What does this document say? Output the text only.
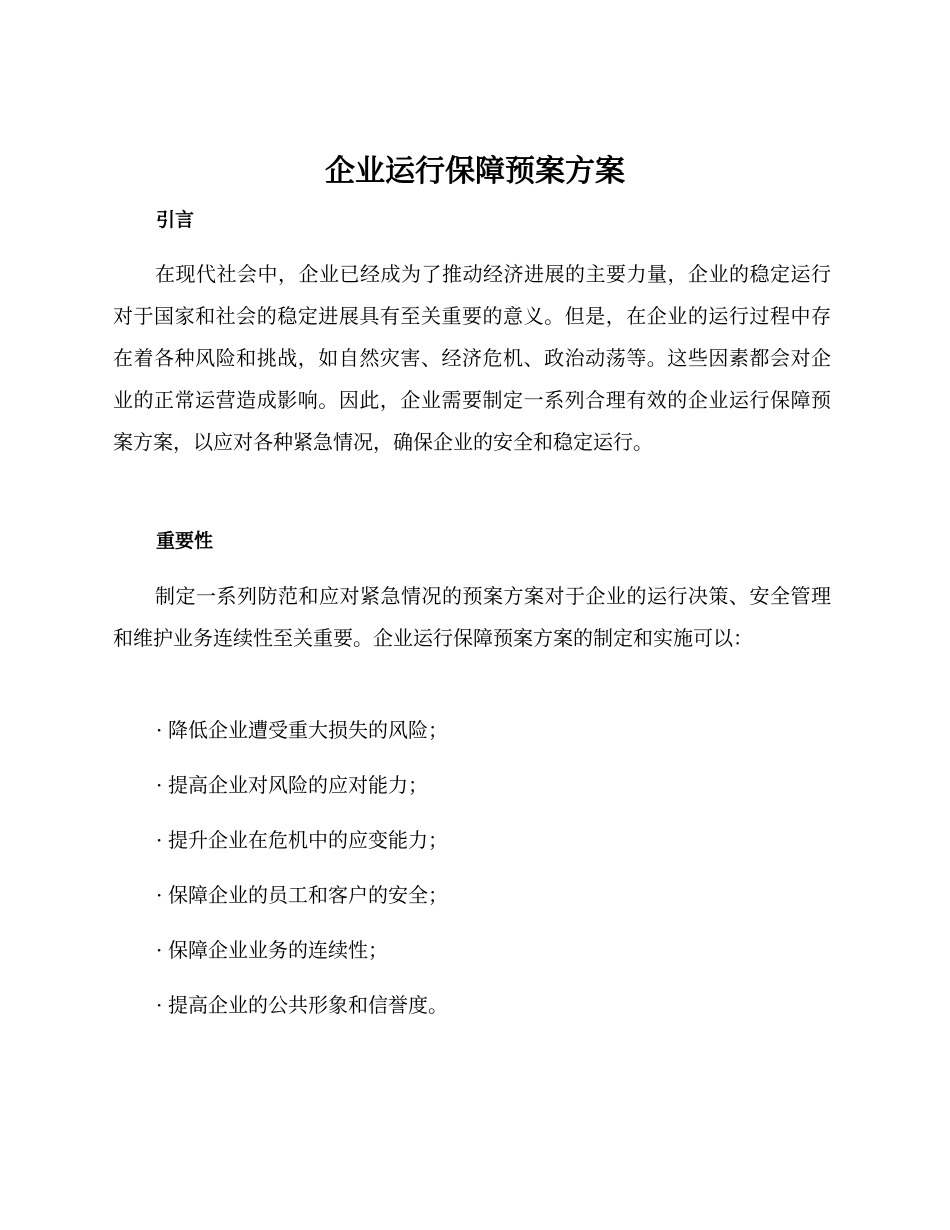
企业运行保障预案方案
引言

在现代社会中，企业已经成为了推动经济进展的主要力量，企业的稳定运行对于国家和社会的稳定进展具有至关重要的意义。但是，在企业的运行过程中存在着各种风险和挑战，如自然灾害、经济危机、政治动荡等。这些因素都会对企业的正常运营造成影响。因此，企业需要制定一系列合理有效的企业运行保障预案方案，以应对各种紧急情况，确保企业的安全和稳定运行。

重要性

制定一系列防范和应对紧急情况的预案方案对于企业的运行决策、安全管理和维护业务连续性至关重要。企业运行保障预案方案的制定和实施可以：

· 降低企业遭受重大损失的风险；
· 提高企业对风险的应对能力；
· 提升企业在危机中的应变能力；
· 保障企业的员工和客户的安全；
· 保障企业业务的连续性；
· 提高企业的公共形象和信誉度。
